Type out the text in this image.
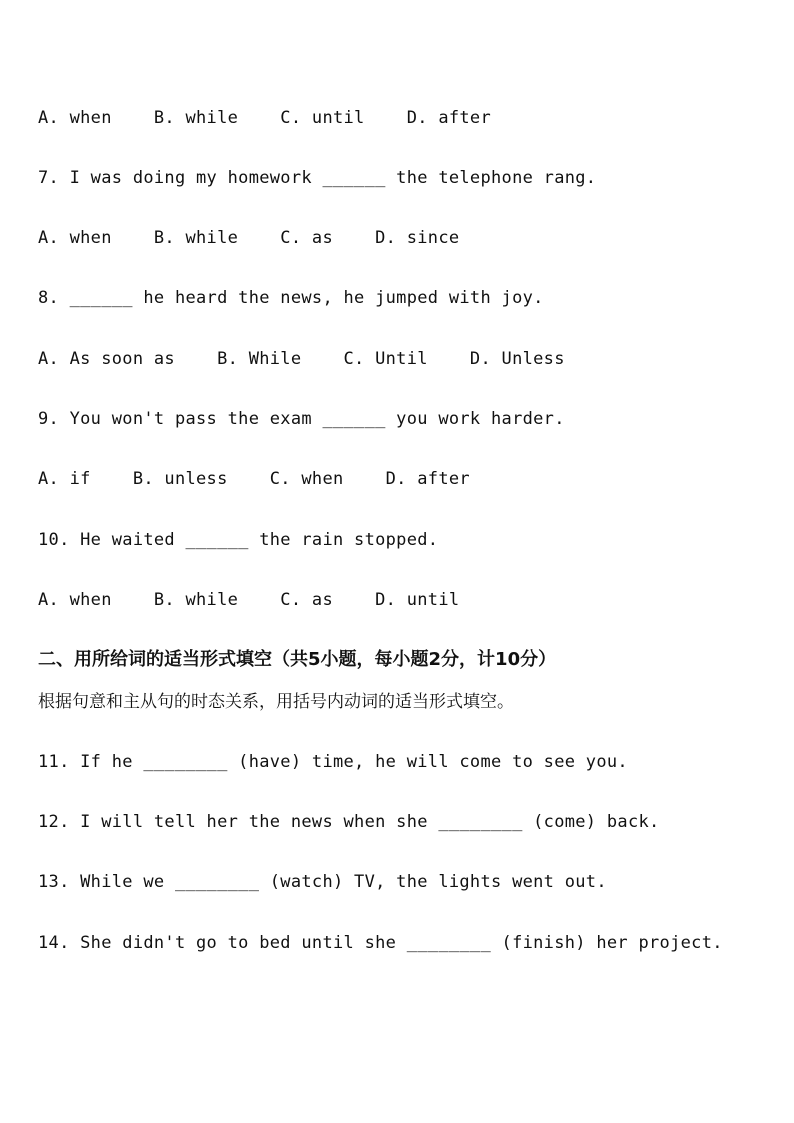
A. when    B. while    C. until    D. after

7. I was doing my homework ______ the telephone rang.

A. when    B. while    C. as    D. since

8. ______ he heard the news, he jumped with joy.

A. As soon as    B. While    C. Until    D. Unless

9. You won't pass the exam ______ you work harder.

A. if    B. unless    C. when    D. after

10. He waited ______ the rain stopped.

A. when    B. while    C. as    D. until

二、用所给词的适当形式填空（共5小题，每小题2分，计10分）

根据句意和主从句的时态关系，用括号内动词的适当形式填空。

11. If he ________ (have) time, he will come to see you.

12. I will tell her the news when she ________ (come) back.

13. While we ________ (watch) TV, the lights went out.

14. She didn't go to bed until she ________ (finish) her project.
